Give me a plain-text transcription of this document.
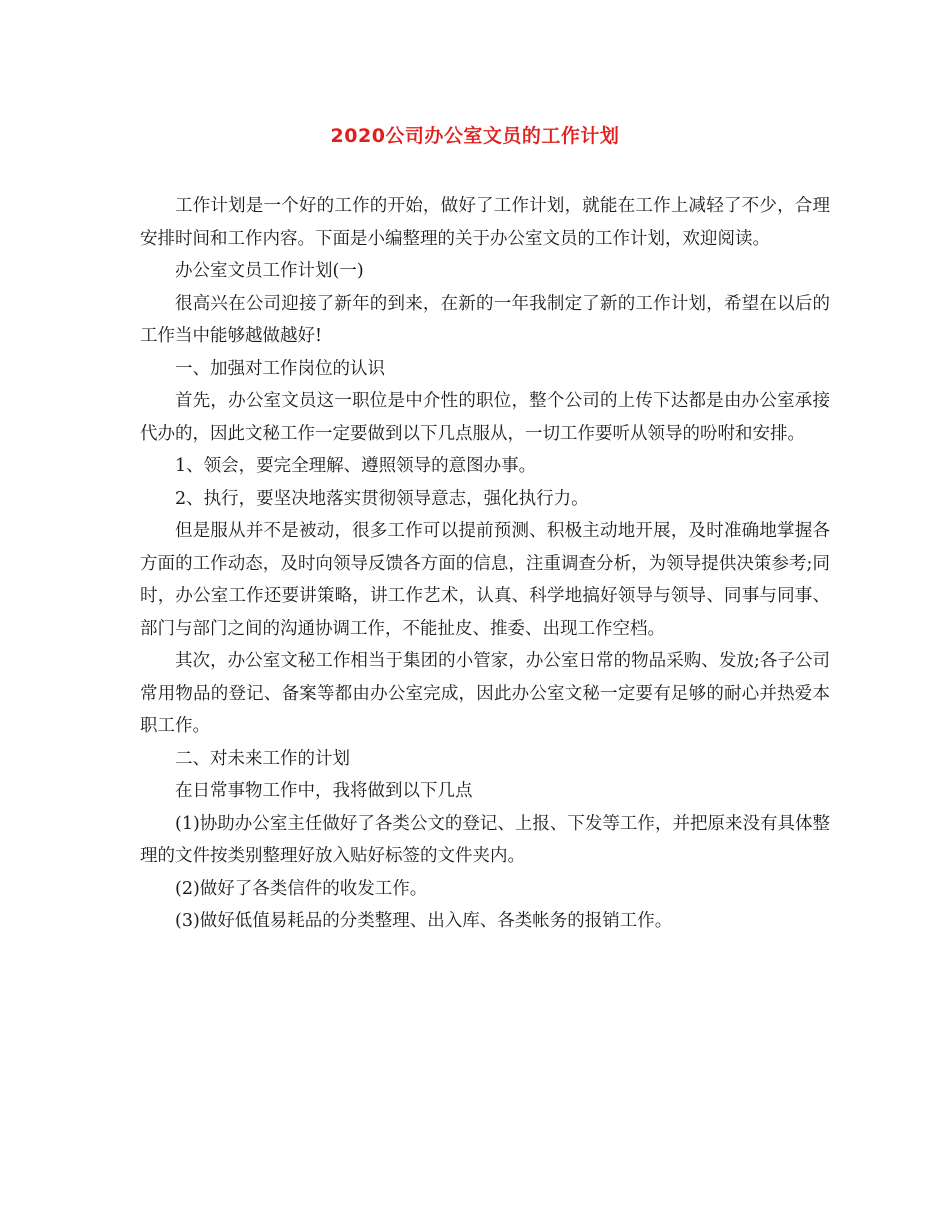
2020公司办公室文员的工作计划

工作计划是一个好的工作的开始，做好了工作计划，就能在工作上减轻了不少，合理安排时间和工作内容。下面是小编整理的关于办公室文员的工作计划，欢迎阅读。

办公室文员工作计划(一)

很高兴在公司迎接了新年的到来，在新的一年我制定了新的工作计划，希望在以后的工作当中能够越做越好!

一、加强对工作岗位的认识

首先，办公室文员这一职位是中介性的职位，整个公司的上传下达都是由办公室承接代办的，因此文秘工作一定要做到以下几点服从，一切工作要听从领导的吩咐和安排。

1、领会，要完全理解、遵照领导的意图办事。

2、执行，要坚决地落实贯彻领导意志，强化执行力。

但是服从并不是被动，很多工作可以提前预测、积极主动地开展，及时准确地掌握各方面的工作动态，及时向领导反馈各方面的信息，注重调查分析，为领导提供决策参考;同时，办公室工作还要讲策略，讲工作艺术，认真、科学地搞好领导与领导、同事与同事、部门与部门之间的沟通协调工作，不能扯皮、推委、出现工作空档。

其次，办公室文秘工作相当于集团的小管家，办公室日常的物品采购、发放;各子公司常用物品的登记、备案等都由办公室完成，因此办公室文秘一定要有足够的耐心并热爱本职工作。

二、对未来工作的计划

在日常事物工作中，我将做到以下几点

(1)协助办公室主任做好了各类公文的登记、上报、下发等工作，并把原来没有具体整理的文件按类别整理好放入贴好标签的文件夹内。

(2)做好了各类信件的收发工作。

(3)做好低值易耗品的分类整理、出入库、各类帐务的报销工作。
